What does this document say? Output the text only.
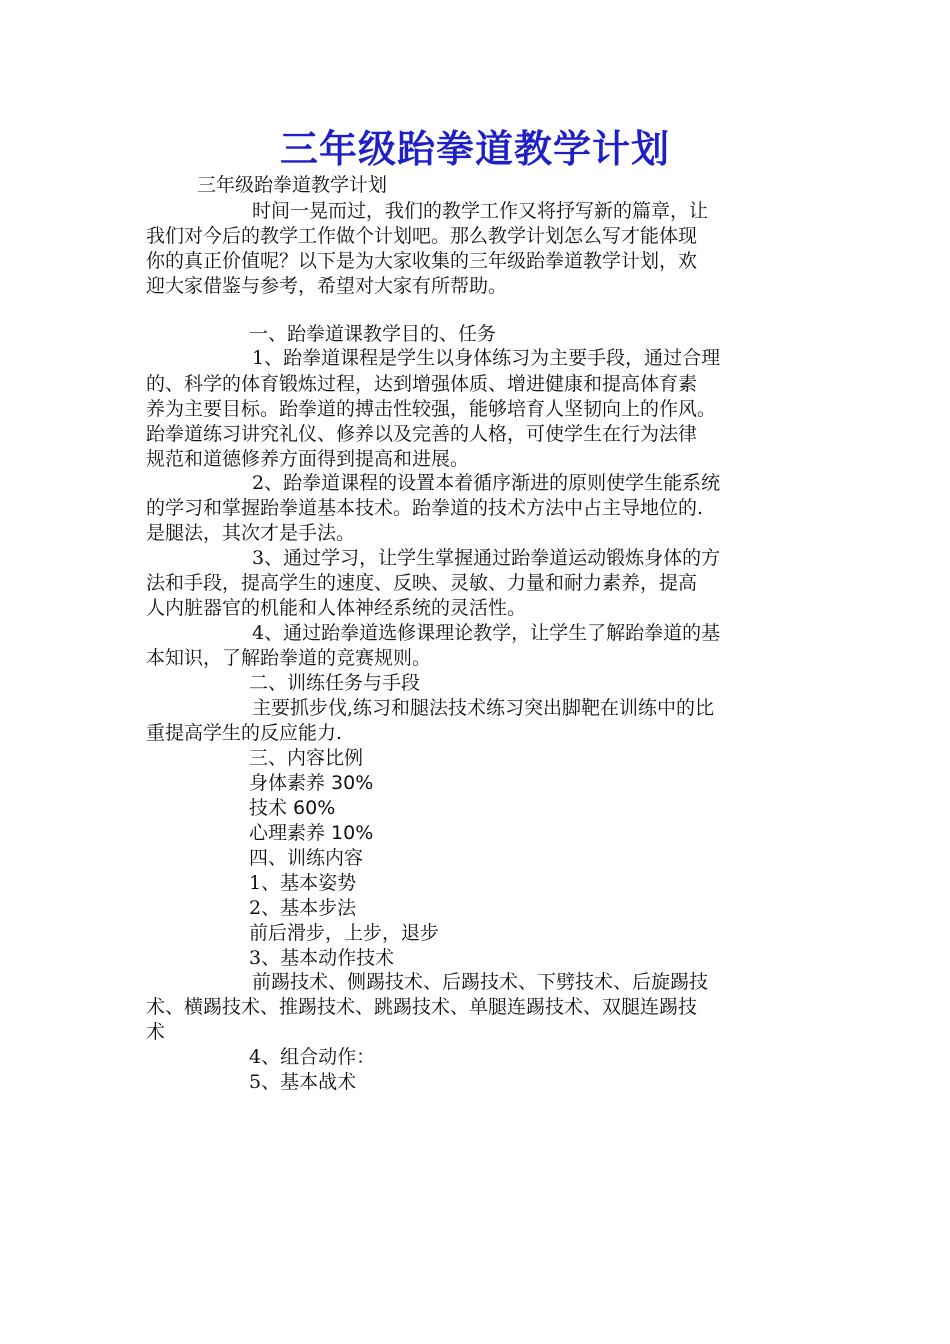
三年级跆拳道教学计划

三年级跆拳道教学计划

时间一晃而过，我们的教学工作又将抒写新的篇章，让

我们对今后的教学工作做个计划吧。那么教学计划怎么写才能体现

你的真正价值呢？以下是为大家收集的三年级跆拳道教学计划，欢

迎大家借鉴与参考，希望对大家有所帮助。

一、跆拳道课教学目的、任务

1、跆拳道课程是学生以身体练习为主要手段，通过合理

的、科学的体育锻炼过程，达到增强体质、增进健康和提高体育素

养为主要目标。跆拳道的搏击性较强，能够培育人坚韧向上的作风。

跆拳道练习讲究礼仪、修养以及完善的人格，可使学生在行为法律

规范和道德修养方面得到提高和进展。

2、跆拳道课程的设置本着循序渐进的原则使学生能系统

的学习和掌握跆拳道基本技术。跆拳道的技术方法中占主导地位的.

是腿法，其次才是手法。

3、通过学习，让学生掌握通过跆拳道运动锻炼身体的方

法和手段，提高学生的速度、反映、灵敏、力量和耐力素养，提高

人内脏器官的机能和人体神经系统的灵活性。

4、通过跆拳道选修课理论教学，让学生了解跆拳道的基

本知识，了解跆拳道的竞赛规则。

二、训练任务与手段

主要抓步伐,练习和腿法技术练习突出脚靶在训练中的比

重提高学生的反应能力.

三、内容比例

身体素养 30%

技术 60%

心理素养 10%

四、训练内容

1、基本姿势

2、基本步法

前后滑步，上步，退步

3、基本动作技术

前踢技术、侧踢技术、后踢技术、下劈技术、后旋踢技

术、横踢技术、推踢技术、跳踢技术、单腿连踢技术、双腿连踢技

术

4、组合动作：

5、基本战术
